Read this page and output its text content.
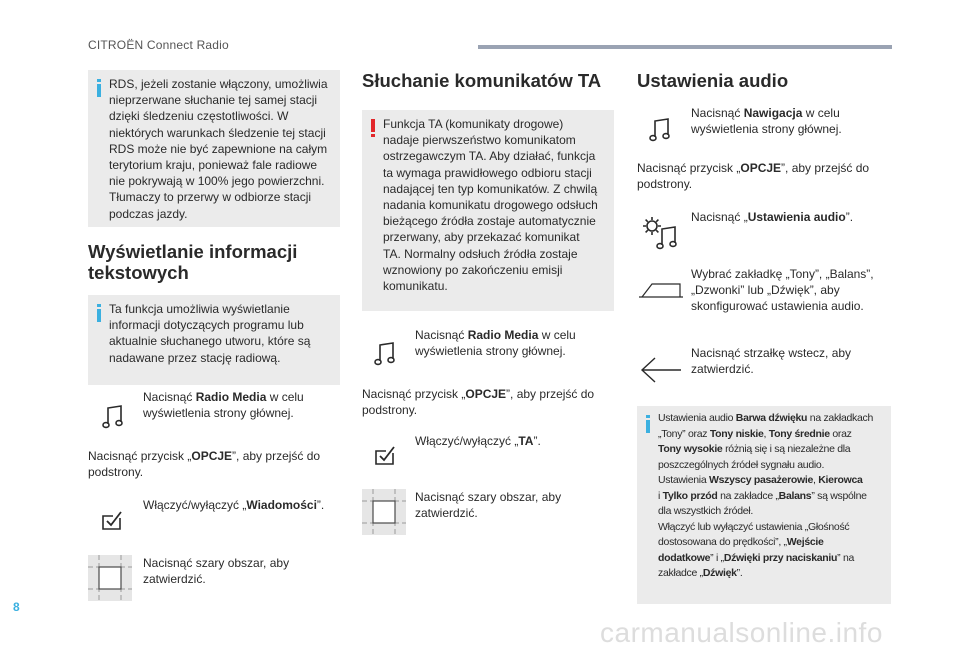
CITROËN Connect Radio
RDS, jeżeli zostanie włączony, umożliwia
nieprzerwane słuchanie tej samej stacji
dzięki śledzeniu częstotliwości. W
niektórych warunkach śledzenie tej stacji
RDS może nie być zapewnione na całym
terytorium kraju, ponieważ fale radiowe
nie pokrywają w 100% jego powierzchni.
Tłumaczy to przerwy w odbiorze stacji
podczas jazdy.
Wyświetlanie informacji
tekstowych
Ta funkcja umożliwia wyświetlanie
informacji dotyczących programu lub
aktualnie słuchanego utworu, które są
nadawane przez stację radiową.
Nacisnąć Radio Media w celu
wyświetlenia strony głównej.
Nacisnąć przycisk „OPCJE”, aby przejść do
podstrony.
Włączyć/wyłączyć „Wiadomości”.
Nacisnąć szary obszar, aby
zatwierdzić.
Słuchanie komunikatów TA
Funkcja TA (komunikaty drogowe)
nadaje pierwszeństwo komunikatom
ostrzegawczym TA. Aby działać, funkcja
ta wymaga prawidłowego odbioru stacji
nadającej ten typ komunikatów. Z chwilą
nadania komunikatu drogowego odsłuch
bieżącego źródła zostaje automatycznie
przerwany, aby przekazać komunikat
TA. Normalny odsłuch źródła zostaje
wznowiony po zakończeniu emisji
komunikatu.
Nacisnąć Radio Media w celu
wyświetlenia strony głównej.
Nacisnąć przycisk „OPCJE”, aby przejść do
podstrony.
Włączyć/wyłączyć „TA”.
Nacisnąć szary obszar, aby
zatwierdzić.
Ustawienia audio
Nacisnąć Nawigacja w celu
wyświetlenia strony głównej.
Nacisnąć przycisk „OPCJE”, aby przejść do
podstrony.
Nacisnąć „Ustawienia audio”.
Wybrać zakładkę „Tony”, „Balans”,
„Dzwonki” lub „Dźwięk”, aby
skonfigurować ustawienia audio.
Nacisnąć strzałkę wstecz, aby
zatwierdzić.
Ustawienia audio Barwa dźwięku na zakładkach
„Tony” oraz Tony niskie, Tony średnie oraz
Tony wysokie różnią się i są niezależne dla
poszczególnych źródeł sygnału audio.
Ustawienia Wszyscy pasażerowie, Kierowca
i Tylko przód na zakładce „Balans” są wspólne
dla wszystkich źródeł.
Włączyć lub wyłączyć ustawienia „Głośność
dostosowana do prędkości”, „Wejście
dodatkowe” i „Dźwięki przy naciskaniu” na
zakładce „Dźwięk”.
8
carmanualsonline.info
